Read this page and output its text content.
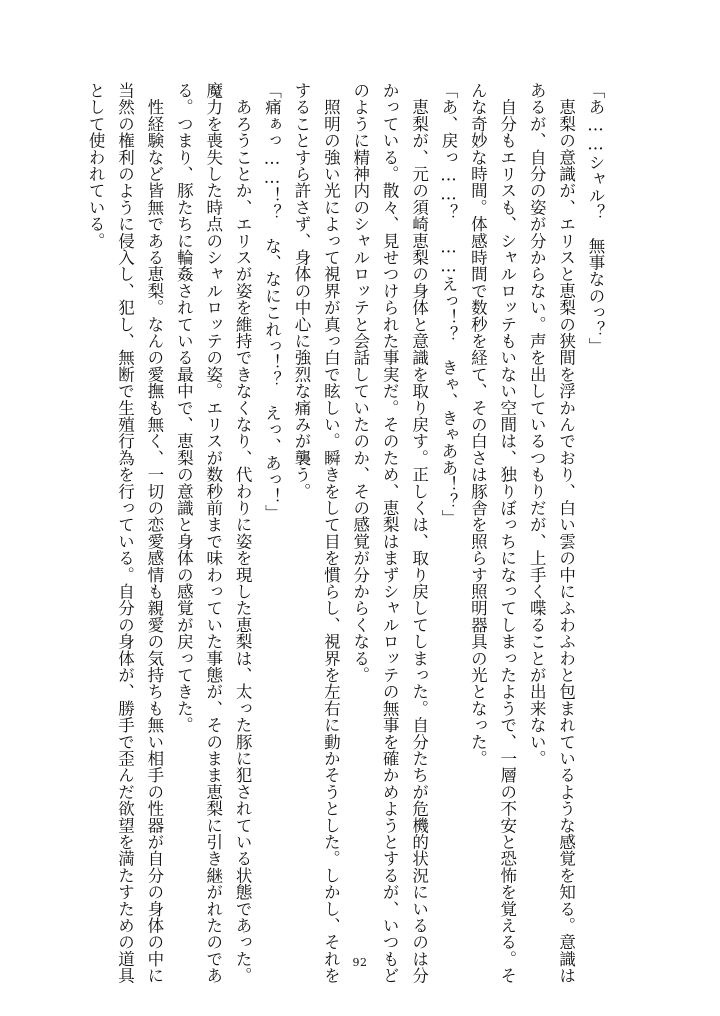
「あ……シャル？　無事なのっ？」

　恵梨の意識が、エリスと恵梨の狭間を浮かんでおり、白い雲の中にふわふわと包まれているような感覚を知る。意識は

あるが、自分の姿が分からない。声を出しているつもりだが、上手く喋ることが出来ない。

　自分もエリスも、シャルロッテもいない空間は、独りぼっちになってしまったようで、一層の不安と恐怖を覚える。そ

んな奇妙な時間。体感時間で数秒を経て、その白さは豚舎を照らす照明器具の光となった。

「あ、戻っ……？　……えっ！？　きゃ、きゃああ！？」

　恵梨が、元の須崎恵梨の身体と意識を取り戻す。正しくは、取り戻してしまった。自分たちが危機的状況にいるのは分

かっている。散々、見せつけられた事実だ。そのため、恵梨はまずシャルロッテの無事を確かめようとするが、いつもど

のように精神内のシャルロッテと会話していたのか、その感覚が分からくなる。

　照明の強い光によって視界が真っ白で眩しい。瞬きをして目を慣らし、視界を左右に動かそうとした。しかし、それを

することすら許さず、身体の中心に強烈な痛みが襲う。

「痛ぁっ……！？　な、なにこれっ！？　えっ、あっ！」

　あろうことか、エリスが姿を維持できなくなり、代わりに姿を現した恵梨は、太った豚に犯されている状態であった。

魔力を喪失した時点のシャルロッテの姿。エリスが数秒前まで味わっていた事態が、そのまま恵梨に引き継がれたのであ

る。つまり、豚たちに輪姦されている最中で、恵梨の意識と身体の感覚が戻ってきた。

　性経験など皆無である恵梨。なんの愛撫も無く、一切の恋愛感情も親愛の気持ちも無い相手の性器が自分の身体の中に

当然の権利のように侵入し、犯し、無断で生殖行為を行っている。自分の身体が、勝手で歪んだ欲望を満たすための道具

として使われている。

92
